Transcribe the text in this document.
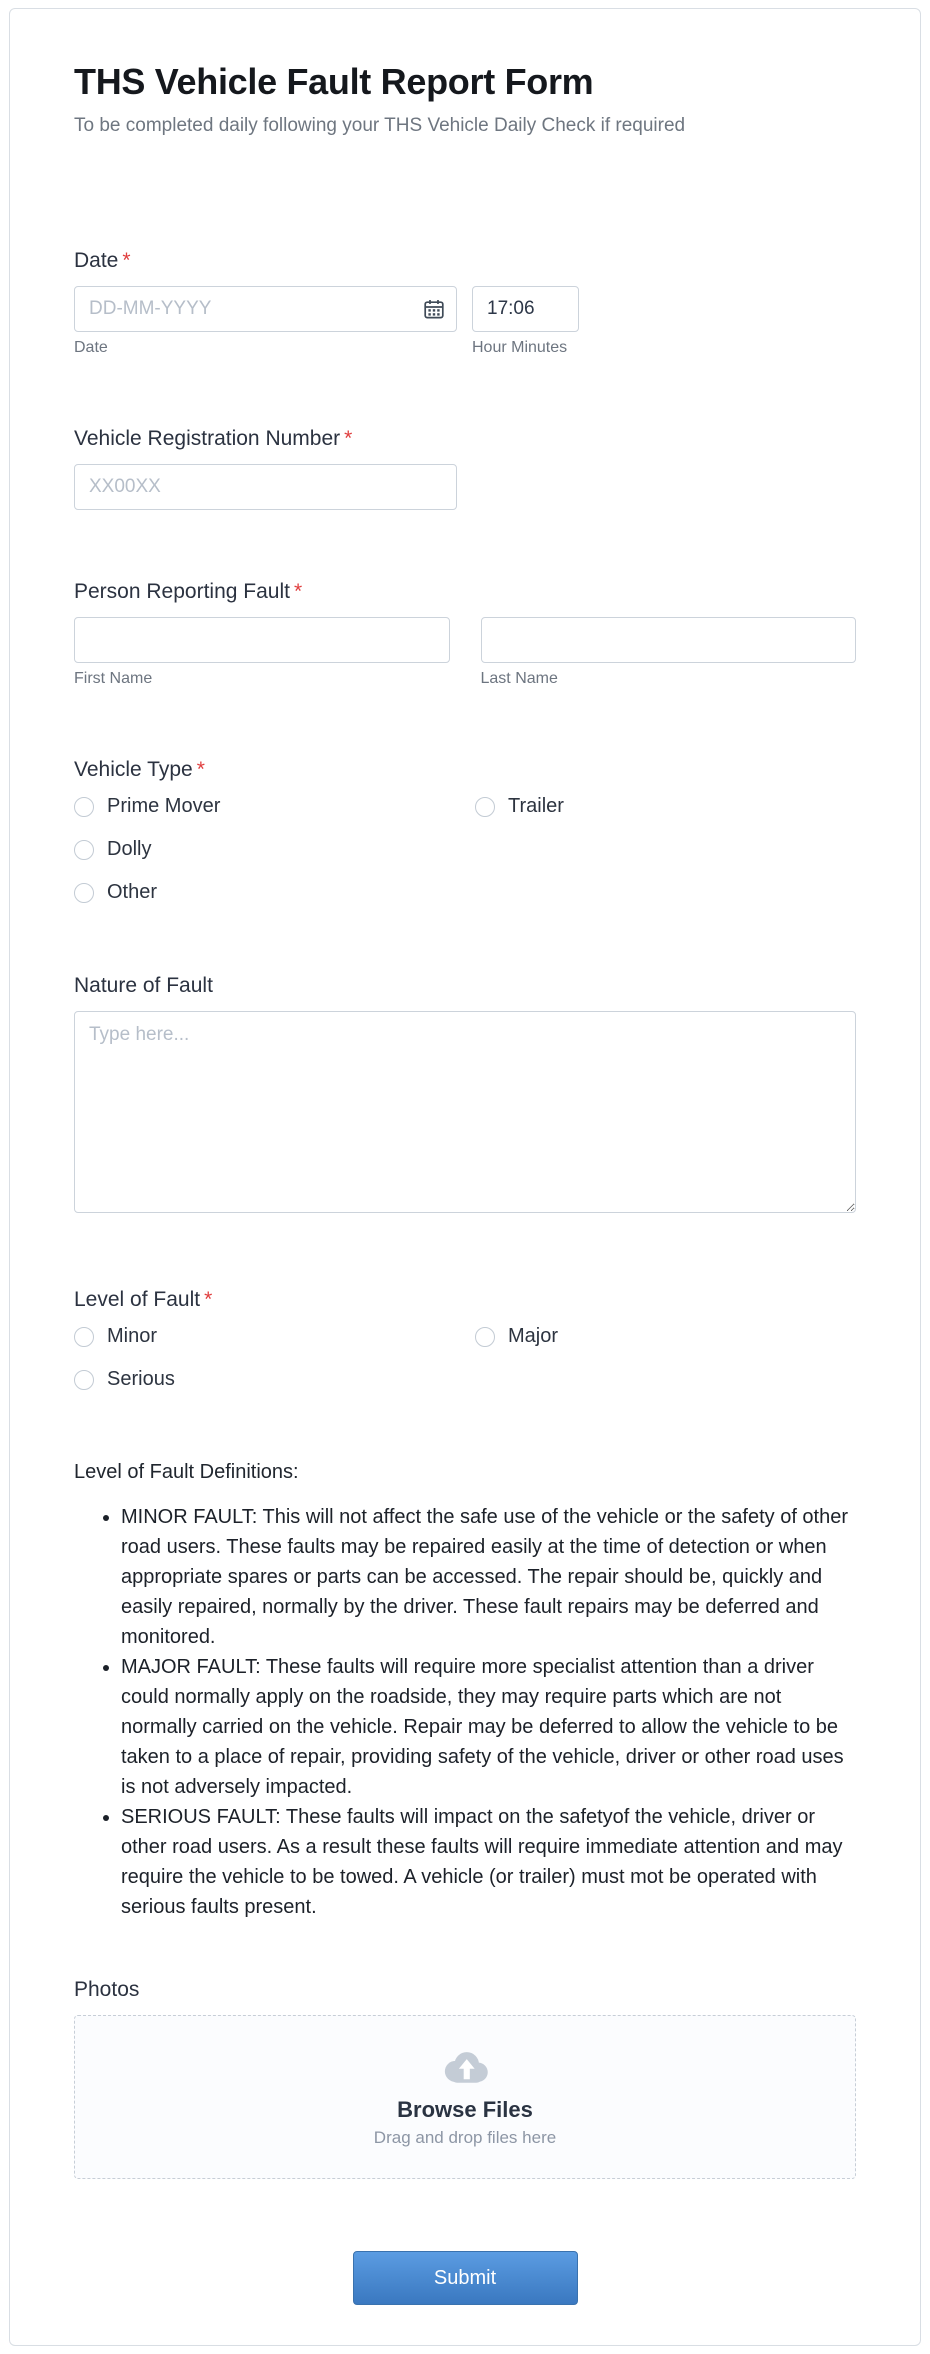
THS Vehicle Fault Report Form

To be completed daily following your THS Vehicle Daily Check if required

Date *
DD-MM-YYYY
Date
17:06	Hour Minutes
Vehicle Registration Number *
XX00XX
Person Reporting Fault *
First Name	Last Name
Vehicle Type *
Prime Mover
Dolly
Other
Trailer
Nature of Fault
Type here...
Level of Fault *
Minor
Serious
Major

Level of Fault Definitions:

• MINOR FAULT: This will not affect the safe use of the vehicle or the safety of other road users. These faults may be repaired easily at the time of detection or when appropriate spares or parts can be accessed. The repair should be, quickly and easily repaired, normally by the driver. These fault repairs may be deferred and monitored.
• MAJOR FAULT: These faults will require more specialist attention than a driver could normally apply on the roadside, they may require parts which are not normally carried on the vehicle. Repair may be deferred to allow the vehicle to be taken to a place of repair, providing safety of the vehicle, driver or other road uses is not adversely impacted.
• SERIOUS FAULT: These faults will impact on the safetyof the vehicle, driver or other road users. As a result these faults will require immediate attention and may require the vehicle to be towed. A vehicle (or trailer) must mot be operated with serious faults present.
Photos
Browse Files
Drag and drop files here
Submit
